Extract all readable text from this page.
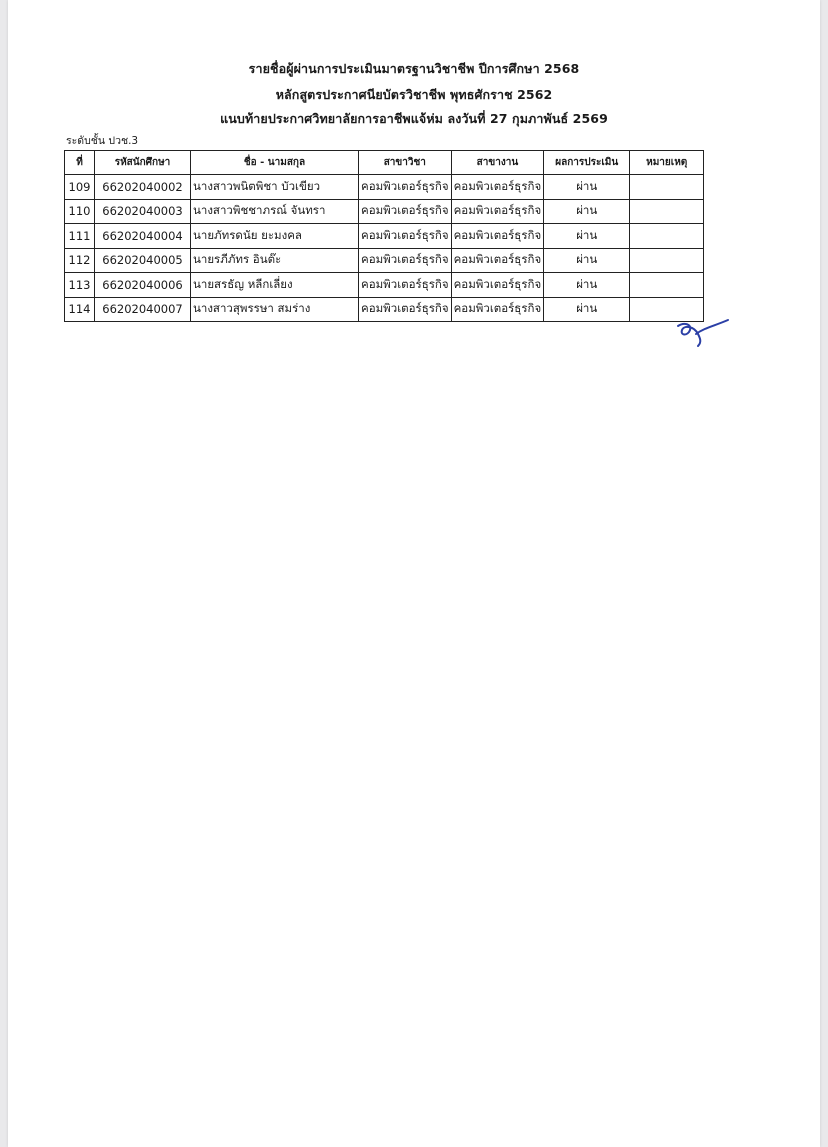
รายชื่อผู้ผ่านการประเมินมาตรฐานวิชาชีพ ปีการศึกษา 2568
หลักสูตรประกาศนียบัตรวิชาชีพ พุทธศักราช 2562
แนบท้ายประกาศวิทยาลัยการอาชีพแจ้ห่ม ลงวันที่ 27 กุมภาพันธ์ 2569
ระดับชั้น ปวช.3
ที่	รหัสนักศึกษา	ชื่อ - นามสกุล	สาขาวิชา	สาขางาน	ผลการประเมิน	หมายเหตุ
109	66202040002	นางสาวพนิตพิชา บัวเขียว	คอมพิวเตอร์ธุรกิจ	คอมพิวเตอร์ธุรกิจ	ผ่าน	
110	66202040003	นางสาวพิชชาภรณ์ จันทรา	คอมพิวเตอร์ธุรกิจ	คอมพิวเตอร์ธุรกิจ	ผ่าน	
111	66202040004	นายภัทรดนัย ยะมงคล	คอมพิวเตอร์ธุรกิจ	คอมพิวเตอร์ธุรกิจ	ผ่าน	
112	66202040005	นายรภีภัทร อินต๊ะ	คอมพิวเตอร์ธุรกิจ	คอมพิวเตอร์ธุรกิจ	ผ่าน	
113	66202040006	นายสรธัญ หลีกเลี่ยง	คอมพิวเตอร์ธุรกิจ	คอมพิวเตอร์ธุรกิจ	ผ่าน	
114	66202040007	นางสาวสุพรรษา สมร่าง	คอมพิวเตอร์ธุรกิจ	คอมพิวเตอร์ธุรกิจ	ผ่าน	
